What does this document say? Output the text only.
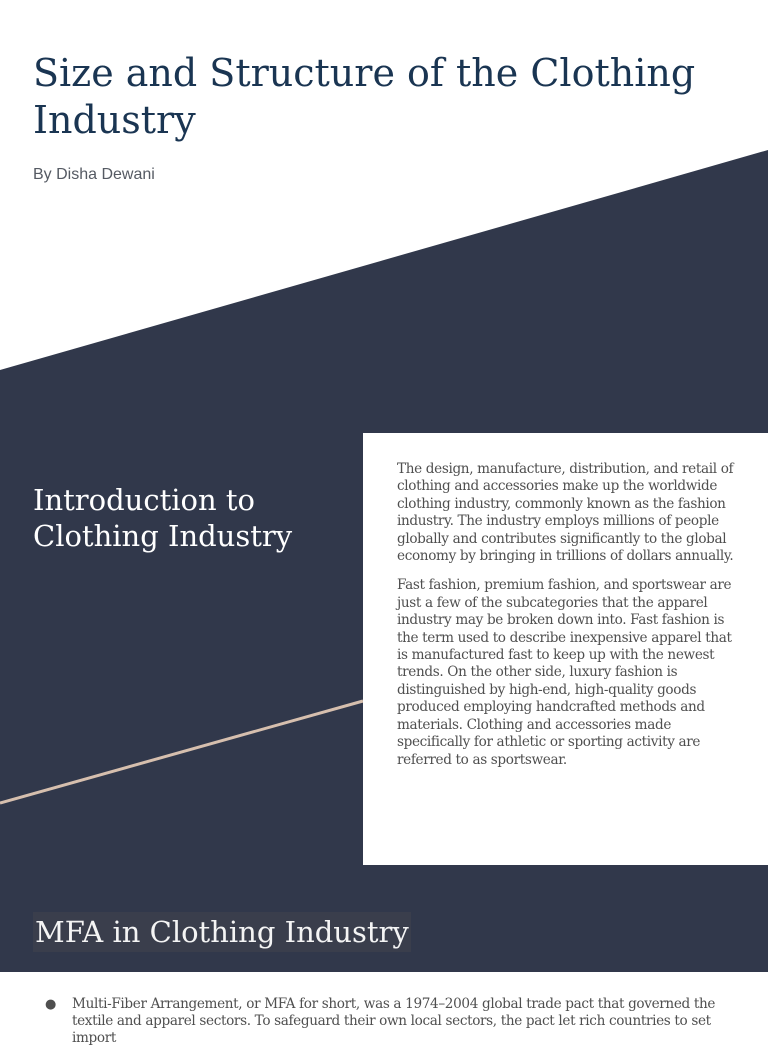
Size and Structure of the Clothing Industry

By Disha Dewani

Introduction to Clothing Industry

The design, manufacture, distribution, and retail of clothing and accessories make up the worldwide clothing industry, commonly known as the fashion industry. The industry employs millions of people globally and contributes significantly to the global economy by bringing in trillions of dollars annually.

Fast fashion, premium fashion, and sportswear are just a few of the subcategories that the apparel industry may be broken down into. Fast fashion is the term used to describe inexpensive apparel that is manufactured fast to keep up with the newest trends. On the other side, luxury fashion is distinguished by high-end, high-quality goods produced employing handcrafted methods and materials. Clothing and accessories made specifically for athletic or sporting activity are referred to as sportswear.

MFA in Clothing Industry
● Multi-Fiber Arrangement, or MFA for short, was a 1974–2004 global trade pact that governed the textile and apparel sectors. To safeguard their own local sectors, the pact let rich countries to set import
